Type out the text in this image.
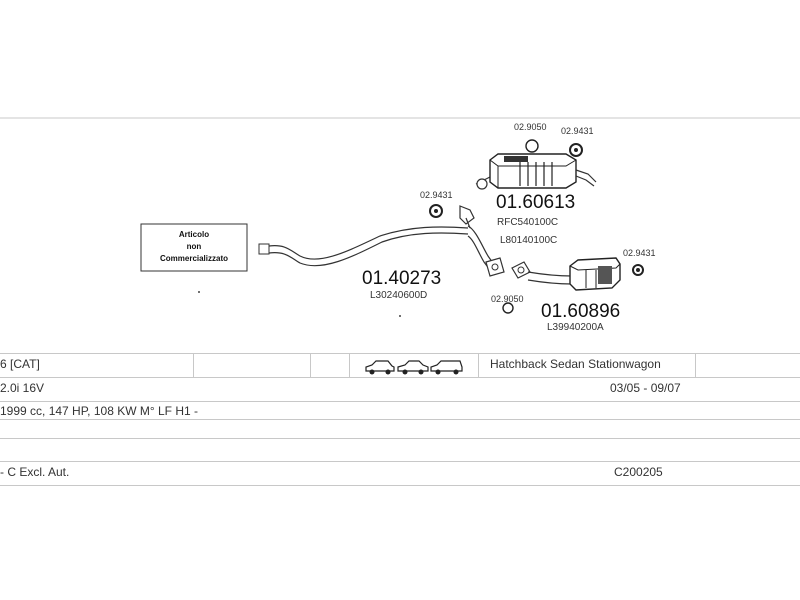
Articolo
non
Commercializzato
01.40273
L30240600D
01.60613
RFC540100C
L80140100C
01.60896
L39940200A
02.9431
02.9050 02.9431
02.9431
02.9050
6 [CAT]	Hatchback Sedan Stationwagon
2.0i 16V	03/05 - 09/07
1999 cc, 147 HP, 108 KW M° LF H1 -
- C Excl. Aut.	C200205
